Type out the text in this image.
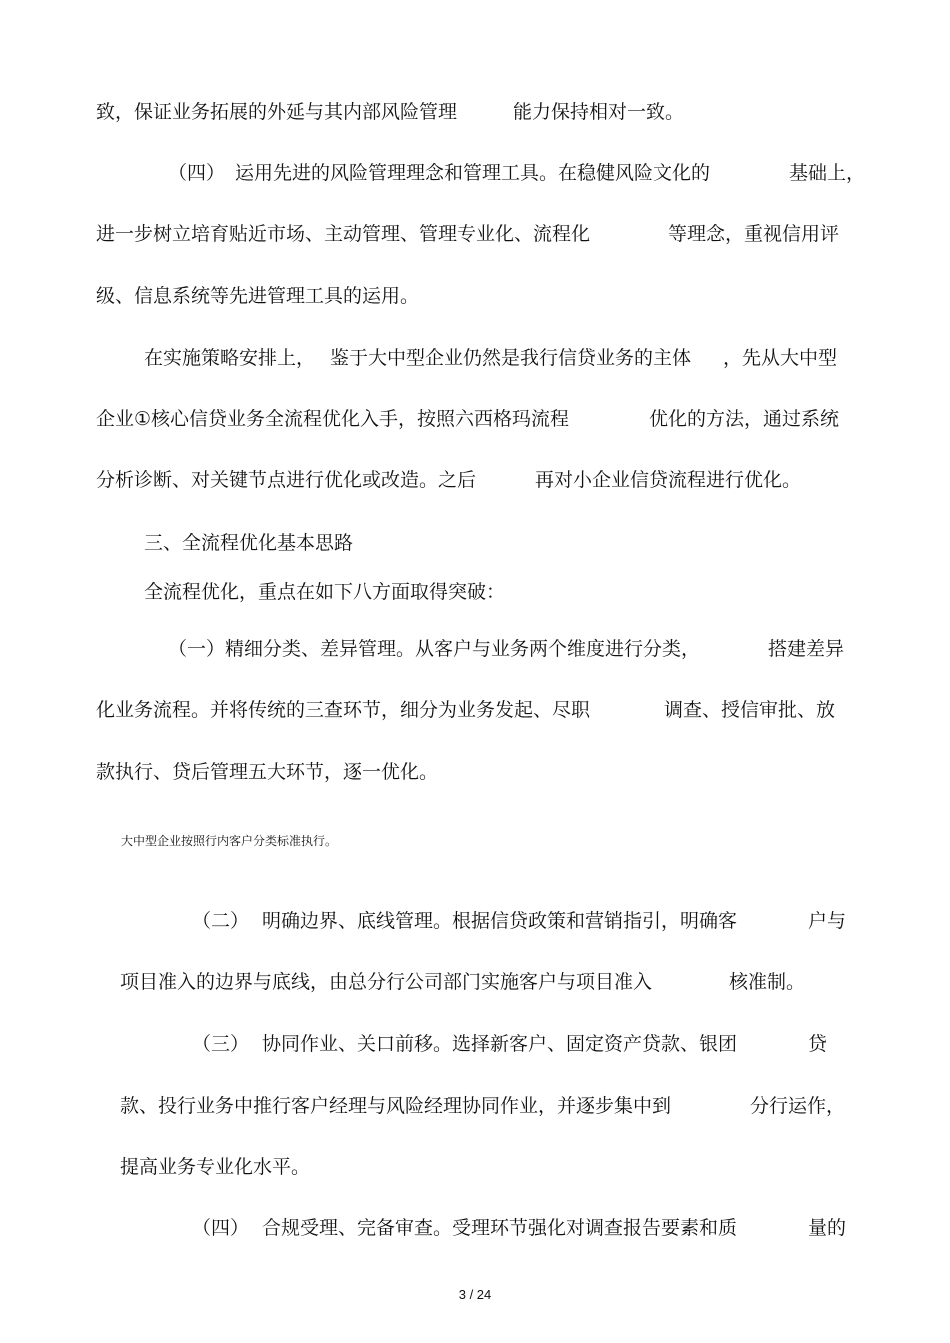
致，保证业务拓展的外延与其内部风险管理

	能力保持相对一致。

（四）

运用先进的风险管理理念和管理工具。在稳健风险文化的

	基础上，

进一步树立培育贴近市场、主动管理、管理专业化、流程化

	等理念，重视信用评

级、信息系统等先进管理工具的运用。

在实施策略安排上，

鉴于大中型企业仍然是我行信贷业务的主体

，先从大中型

企业①核心信贷业务全流程优化入手，按照六西格玛流程

	优化的方法，通过系统

分析诊断、对关键节点进行优化或改造。之后

	再对小企业信贷流程进行优化。

三、全流程优化基本思路

全流程优化，重点在如下八方面取得突破：

（一）精细分类、差异管理。从客户与业务两个维度进行分类，

	搭建差异

化业务流程。并将传统的三查环节，细分为业务发起、尽职

	调查、授信审批、放

款执行、贷后管理五大环节，逐一优化。

大中型企业按照行内客户分类标准执行。

（二）

明确边界、底线管理。根据信贷政策和营销指引，明确客

	户与

项目准入的边界与底线，由总分行公司部门实施客户与项目准入

	核准制。

（三）

协同作业、关口前移。选择新客户、固定资产贷款、银团

	贷

款、投行业务中推行客户经理与风险经理协同作业，并逐步集中到

	分行运作，

提高业务专业化水平。

（四）

合规受理、完备审查。受理环节强化对调查报告要素和质

	量的

3 / 24
